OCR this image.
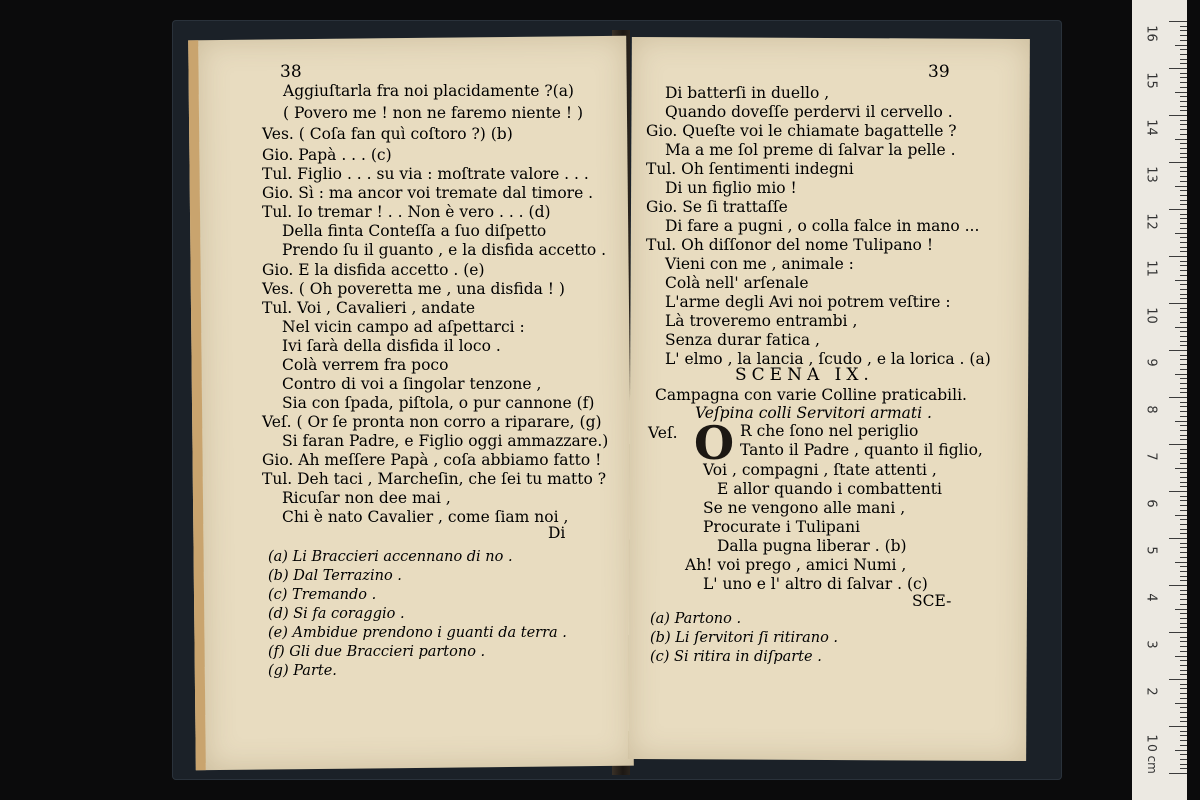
38
Aggiuſtarla fra noi placidamente ?(a)
( Povero me ! non ne faremo niente ! )
Ves. ( Coſa fan quì coſtoro ?) (b)
Gio. Papà . . . (c)
Tul. Figlio . . . su via : moſtrate valore . . .
Gio. Sì : ma ancor voi tremate dal timore .
Tul. Io tremar ! . . Non è vero . . . (d)
Della finta Conteſſa a ſuo diſpetto
Prendo ſu il guanto , e la disfida accetto .
Gio. E la disfida accetto . (e)
Ves. ( Oh poveretta me , una disfida ! )
Tul. Voi , Cavalieri , andate
Nel vicin campo ad aſpettarci :
Ivi ſarà della disfida il loco .
Colà verrem fra poco
Contro di voi a ſingolar tenzone ,
Sia con ſpada, piſtola, o pur cannone (f)
Veſ. ( Or ſe pronta non corro a riparare, (g)
Si faran Padre, e Figlio oggi ammazzare.)
Gio. Ah meſſere Papà , coſa abbiamo fatto !
Tul. Deh taci , Marcheſin, che ſei tu matto ?
Ricuſar non dee mai ,
Chi è nato Cavalier , come ſiam noi ,
Di
(a) Li Braccieri accennano di no .
(b) Dal Terrazino .
(c) Tremando .
(d) Si fa coraggio .
(e) Ambidue prendono i guanti da terra .
(f) Gli due Braccieri partono .
(g) Parte.
39
Di batterſi in duello ,
Quando doveſſe perdervi il cervello .
Gio. Queſte voi le chiamate bagattelle ?
Ma a me ſol preme di ſalvar la pelle .
Tul. Oh ſentimenti indegni
Di un figlio mio !
Gio. Se ſi trattaſſe
Di fare a pugni , o colla falce in mano ...
Tul. Oh diſſonor del nome Tulipano !
Vieni con me , animale :
Colà nell' arſenale
L'arme degli Avi noi potrem veſtire :
Là troveremo entrambi ,
Senza durar fatica ,
L' elmo , la lancia , ſcudo , e la lorica . (a)
SCENA IX.
Campagna con varie Colline praticabili.
Veſpina colli Servitori armati .
Veſ. O R che ſono nel periglio
Tanto il Padre , quanto il figlio,
Voi , compagni , ſtate attenti ,
E allor quando i combattenti
Se ne vengono alle mani ,
Procurate i Tulipani
Dalla pugna liberar . (b)
Ah! voi prego , amici Numi ,
L' uno e l' altro di ſalvar . (c)
SCE-
(a) Partono .
(b) Li ſervitori ſi ritirano .
(c) Si ritira in diſparte .
16
15
14
13
12
11
10
9
8
7
6
5
4
3
2
1
0 cm
